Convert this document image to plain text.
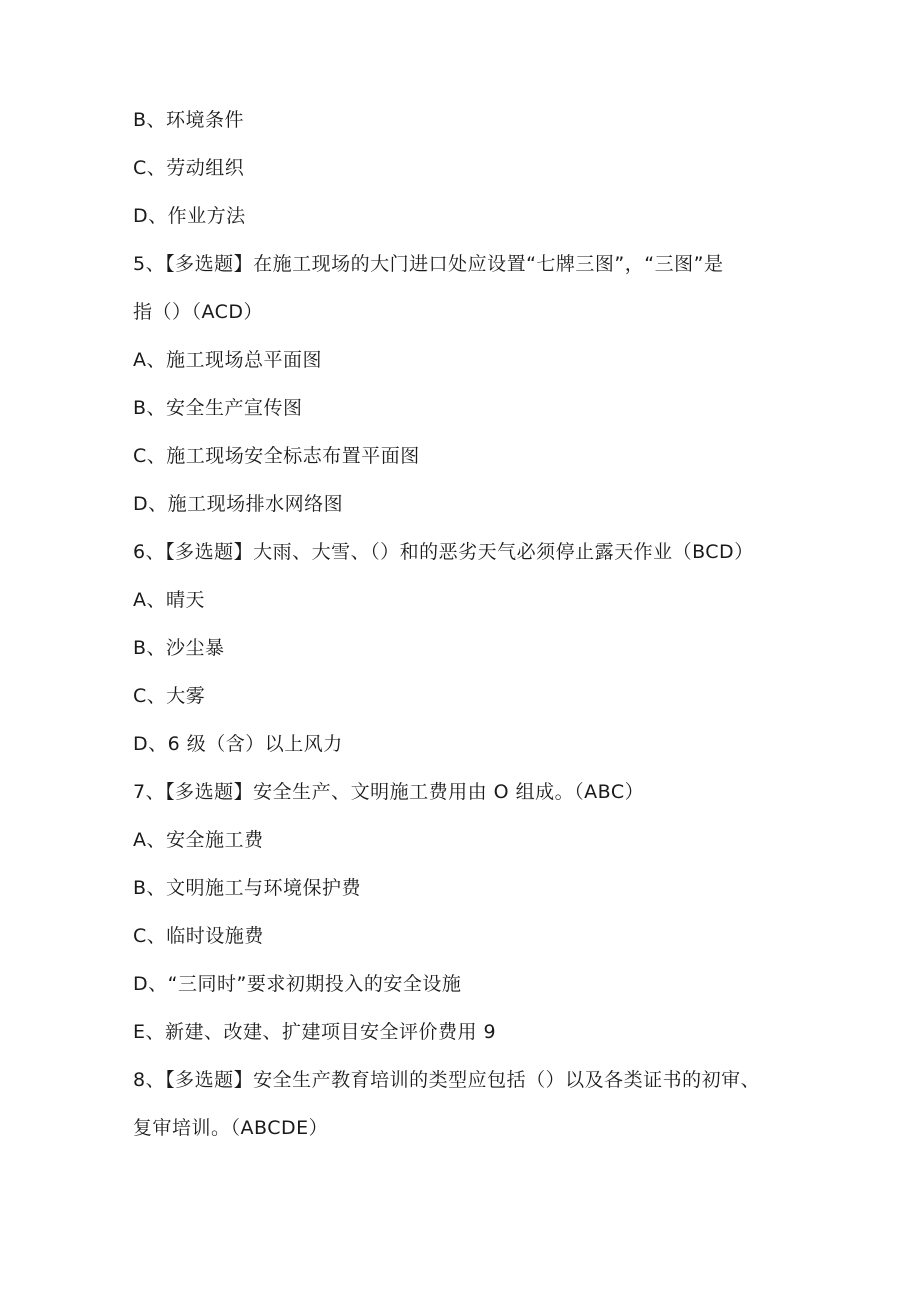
B、环境条件
C、劳动组织
D、作业方法
5、【多选题】在施工现场的大门进口处应设置“七牌三图”，“三图”是
指（）（ACD）
A、施工现场总平面图
B、安全生产宣传图
C、施工现场安全标志布置平面图
D、施工现场排水网络图
6、【多选题】大雨、大雪、（）和的恶劣天气必须停止露天作业（BCD）
A、晴天
B、沙尘暴
C、大雾
D、6 级（含）以上风力
7、【多选题】安全生产、文明施工费用由 O 组成。（ABC）
A、安全施工费
B、文明施工与环境保护费
C、临时设施费
D、“三同时”要求初期投入的安全设施
E、新建、改建、扩建项目安全评价费用 9
8、【多选题】安全生产教育培训的类型应包括（）以及各类证书的初审、
复审培训。（ABCDE）
